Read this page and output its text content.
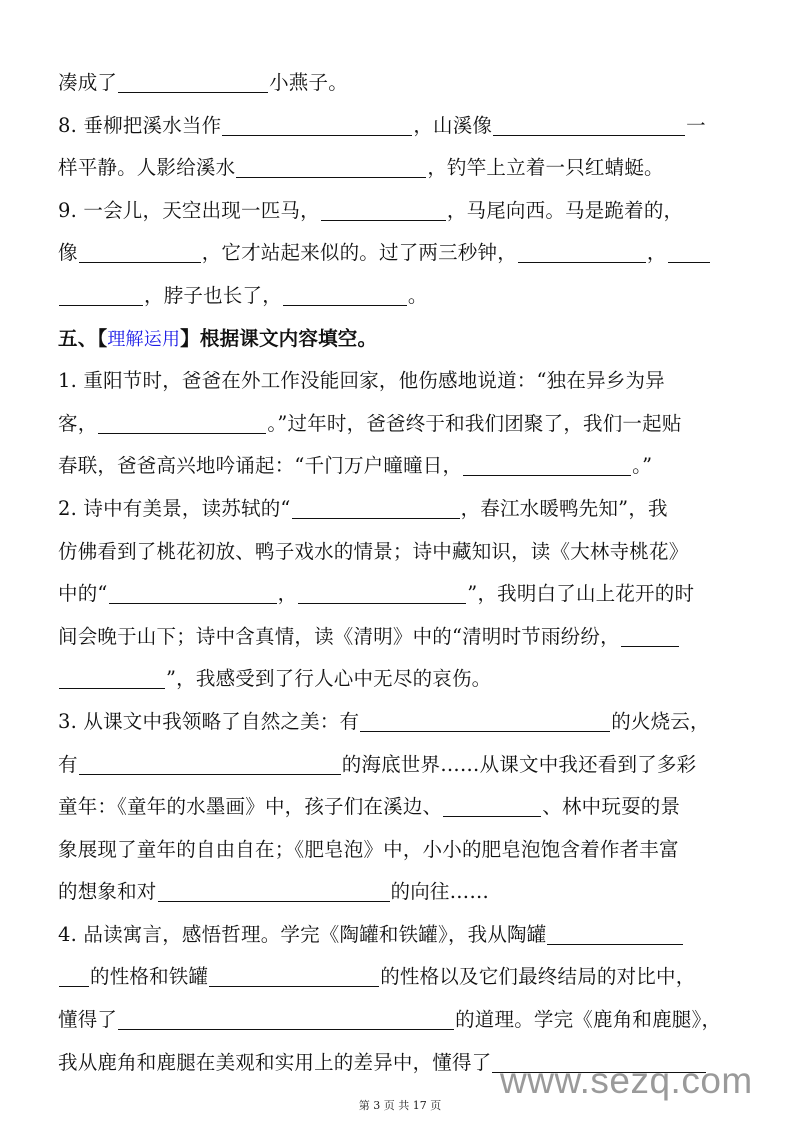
凑成了	小燕子。
8. 垂柳把溪水当作	，山溪像	一
样平静。人影给溪水	，钓竿上立着一只红蜻蜓。
9. 一会儿，天空出现一匹马，	，马尾向西。马是跪着的，
像	，它才站起来似的。过了两三秒钟，	，
，脖子也长了，	。
五、【理解运用】根据课文内容填空。
1. 重阳节时，爸爸在外工作没能回家，他伤感地说道：“独在异乡为异
客，	。”过年时，爸爸终于和我们团聚了，我们一起贴
春联，爸爸高兴地吟诵起：“千门万户曈曈日，	。”
2. 诗中有美景，读苏轼的“	，春江水暖鸭先知”，我
仿佛看到了桃花初放、鸭子戏水的情景；诗中藏知识，读《大林寺桃花》
中的“	，	”，我明白了山上花开的时
间会晚于山下；诗中含真情，读《清明》中的“清明时节雨纷纷，
”，我感受到了行人心中无尽的哀伤。
3. 从课文中我领略了自然之美：有	的火烧云，
有	的海底世界……从课文中我还看到了多彩
童年：《童年的水墨画》中，孩子们在溪边、	、林中玩耍的景
象展现了童年的自由自在；《肥皂泡》中，小小的肥皂泡饱含着作者丰富
的想象和对	的向往……
4. 品读寓言，感悟哲理。学完《陶罐和铁罐》，我从陶罐
的性格和铁罐	的性格以及它们最终结局的对比中，
懂得了	的道理。学完《鹿角和鹿腿》，
我从鹿角和鹿腿在美观和实用上的差异中，懂得了 www.sezq.com
第 3 页 共 17 页
